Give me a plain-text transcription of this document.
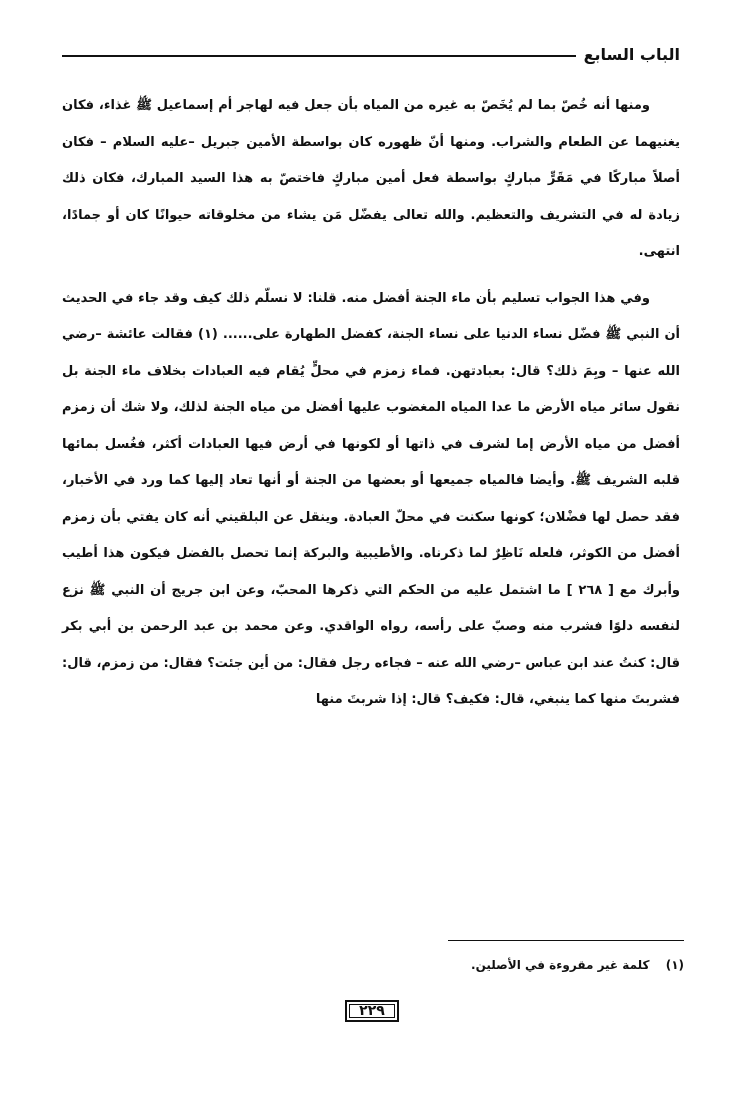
الباب السابع

ومنها أنه خُصّ بما لم يُخَصّ به غيره من المياه بأن جعل فيه لهاجر أم إسماعيل ﷺ غذاء، فكان يغنيهما عن الطعام والشراب. ومنها أنّ ظهوره كان بواسطة الأمين جبريل –عليه السلام – فكان أصلاً مباركًا في مَقَرٍّ مباركٍ بواسطة فعل أمين مباركٍ فاختصّ به هذا السيد المبارك، فكان ذلك زيادة له في التشريف والتعظيم. والله تعالى يفضّل مَن يشاء من مخلوقاته حيوانًا كان أو جمادًا، انتهى.

وفي هذا الجواب تسليم بأن ماء الجنة أفضل منه. قلنا: لا نسلّم ذلك كيف وقد جاء في الحديث أن النبي ﷺ فضّل نساء الدنيا على نساء الجنة، كفضل الطهارة على...... (١) فقالت عائشة –رضي الله عنها – وبِمَ ذلك؟ قال: بعبادتهن. فماء زمزم في محلٍّ يُقام فيه العبادات بخلاف ماء الجنة بل نقول سائر مياه الأرض ما عدا المياه المغضوب عليها أفضل من مياه الجنة لذلك، ولا شك أن زمزم أفضل من مياه الأرض إما لشرف في ذاتها أو لكونها في أرض فيها العبادات أكثر، فغُسل بمائها قلبه الشريف ﷺ. وأيضا فالمياه جميعها أو بعضها من الجنة أو أنها تعاد إليها كما ورد في الأخبار، فقد حصل لها فضْلان؛ كونها سكنت في محلّ العبادة. وينقل عن البلقيني أنه كان يفتي بأن زمزم أفضل من الكوثر، فلعله نَاظِرٌ لما ذكرناه. والأطيبية والبركة إنما تحصل بالفضل فيكون هذا أطيب وأبرك مع [ ٢٦٨ ] ما اشتمل عليه من الحكم التي ذكرها المحبّ، وعن ابن جريج أن النبي ﷺ نزع لنفسه دلوًا فشرب منه وصبّ على رأسه، رواه الواقدي. وعن محمد بن عبد الرحمن بن أبي بكر قال: كنتُ عند ابن عباس –رضي الله عنه – فجاءه رجل فقال: من أين جئت؟ فقال: من زمزم، قال: فشربتَ منها كما ينبغي، قال: فكيف؟ قال: إذا شربتَ منها

(١) كلمة غير مقروءة في الأصلين.
٢٢٩
